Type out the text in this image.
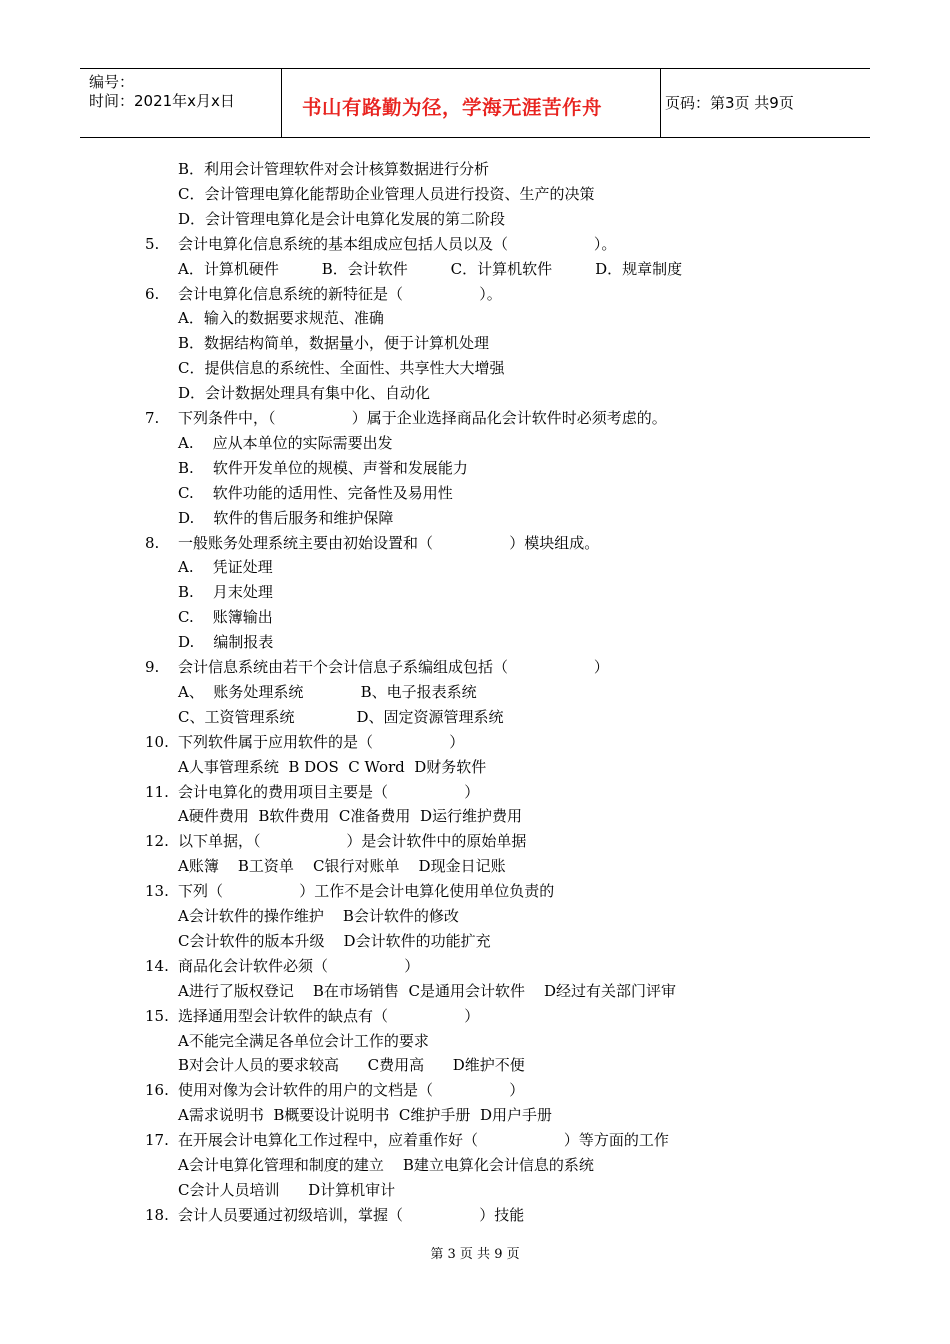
编号：
时间：2021年x月x日	书山有路勤为径，学海无涯苦作舟	页码：第3页 共9页
B．利用会计管理软件对会计核算数据进行分析
C．会计管理电算化能帮助企业管理人员进行投资、生产的决策
D．会计管理电算化是会计电算化发展的第二阶段
5. 会计电算化信息系统的基本组成应包括人员以及（                  ）。
A．计算机硬件         B．会计软件         C．计算机软件         D．规章制度
6. 会计电算化信息系统的新特征是（                ）。
A．输入的数据要求规范、准确
B．数据结构简单，数据量小，便于计算机处理
C．提供信息的系统性、全面性、共享性大大增强
D．会计数据处理具有集中化、自动化
7. 下列条件中，（                ）属于企业选择商品化会计软件时必须考虑的。
A.    应从本单位的实际需要出发
B.    软件开发单位的规模、声誉和发展能力
C.    软件功能的适用性、完备性及易用性
D.    软件的售后服务和维护保障
8. 一般账务处理系统主要由初始设置和（                ）模块组成。
A.    凭证处理
B.    月末处理
C.    账簿输出
D.    编制报表
9. 会计信息系统由若干个会计信息子系编组成包括（                  ）
A、  账务处理系统            B、电子报表系统
C、工资管理系统             D、固定资源管理系统
10. 下列软件属于应用软件的是（                ）
A人事管理系统  B DOS  C Word  D财务软件
11. 会计电算化的费用项目主要是（                ）
A硬件费用  B软件费用  C准备费用  D运行维护费用
12. 以下单据，（                  ）是会计软件中的原始单据
A账簿    B工资单    C银行对账单    D现金日记账
13. 下列（                ）工作不是会计电算化使用单位负责的
A会计软件的操作维护    B会计软件的修改
C会计软件的版本升级    D会计软件的功能扩充
14. 商品化会计软件必须（                ）
A进行了版权登记    B在市场销售  C是通用会计软件    D经过有关部门评审
15. 选择通用型会计软件的缺点有（                ）
A不能完全满足各单位会计工作的要求
B对会计人员的要求较高      C费用高      D维护不便
16. 使用对像为会计软件的用户的文档是（                ）
A需求说明书  B概要设计说明书  C维护手册  D用户手册
17. 在开展会计电算化工作过程中，应着重作好（                  ）等方面的工作
A会计电算化管理和制度的建立    B建立电算化会计信息的系统
C会计人员培训      D计算机审计
18. 会计人员要通过初级培训，掌握（                ）技能
第 3 页 共 9 页
